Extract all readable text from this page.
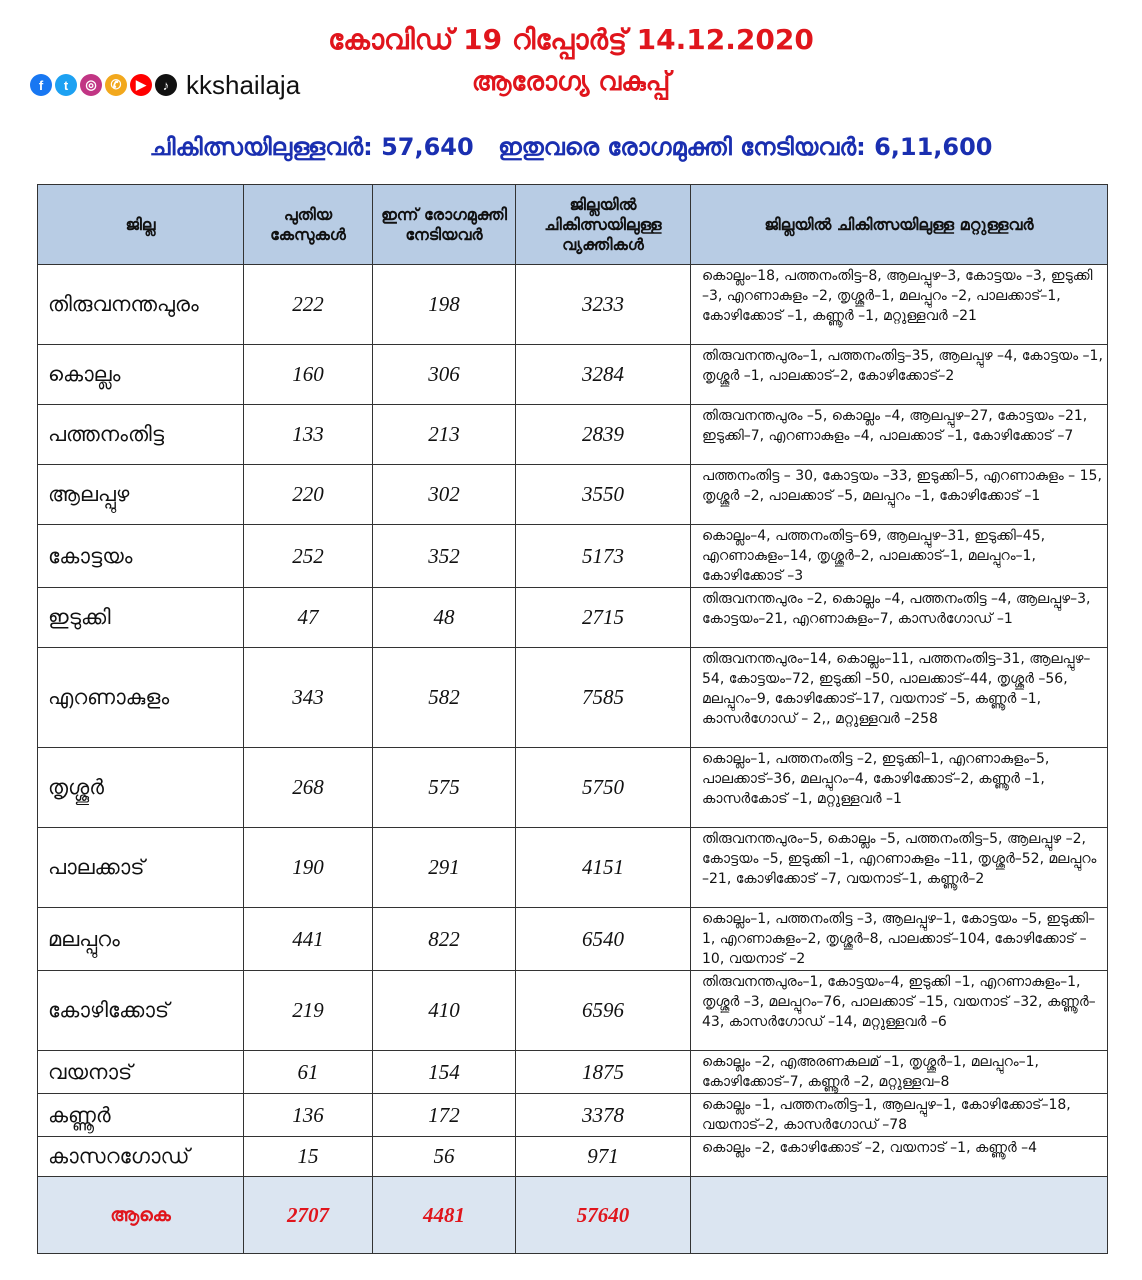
കോവിഡ് 19 റിപ്പോർട്ട് 14.12.2020
ആരോഗ്യ വകുപ്പ്
f	t	◎	✆	▶	♪ kkshailaja
ചികിത്സയിലുള്ളവർ: 57,640 ഇതുവരെ രോഗമുക്തി നേടിയവർ: 6,11,600
ജില്ല	പുതിയ കേസുകൾ	ഇന്ന് രോഗമുക്തി നേടിയവർ	ജില്ലയിൽ ചികിത്സയിലുള്ള വ്യക്തികൾ	ജില്ലയിൽ ചികിത്സയിലുള്ള മറ്റുള്ളവർ
തിരുവനന്തപുരം	222	198	3233	കൊല്ലം–18, പത്തനംതിട്ട–8, ആലപ്പുഴ–3, കോട്ടയം –3, ഇടുക്കി –3, എറണാകുളം –2, തൃശ്ശൂർ–1, മലപ്പുറം –2, പാലക്കാട്–1, കോഴിക്കോട് –1, കണ്ണൂർ –1, മറ്റുള്ളവർ –21
കൊല്ലം	160	306	3284	തിരുവനന്തപുരം–1, പത്തനംതിട്ട–35, ആലപ്പുഴ –4, കോട്ടയം –1, തൃശ്ശൂർ –1, പാലക്കാട്–2, കോഴിക്കോട്–2
പത്തനംതിട്ട	133	213	2839	തിരുവനന്തപുരം –5, കൊല്ലം –4, ആലപ്പുഴ–27, കോട്ടയം –21, ഇടുക്കി–7, എറണാകുളം –4, പാലക്കാട് –1, കോഴിക്കോട് –7
ആലപ്പുഴ	220	302	3550	പത്തനംതിട്ട – 30, കോട്ടയം –33, ഇടുക്കി–5, എറണാകുളം – 15, തൃശ്ശൂർ –2, പാലക്കാട് –5, മലപ്പുറം –1, കോഴിക്കോട് –1
കോട്ടയം	252	352	5173	കൊല്ലം–4, പത്തനംതിട്ട–69, ആലപ്പുഴ–31, ഇടുക്കി–45, എറണാകുളം–14, തൃശ്ശൂർ–2, പാലക്കാട്–1, മലപ്പുറം–1, കോഴിക്കോട് –3
ഇടുക്കി	47	48	2715	തിരുവനന്തപുരം –2, കൊല്ലം –4, പത്തനംതിട്ട –4, ആലപ്പുഴ–3, കോട്ടയം–21, എറണാകുളം–7, കാസർഗോഡ് –1
എറണാകുളം	343	582	7585	തിരുവനന്തപുരം–14, കൊല്ലം–11, പത്തനംതിട്ട–31, ആലപ്പുഴ–54, കോട്ടയം–72, ഇടുക്കി –50, പാലക്കാട്–44, തൃശ്ശൂർ –56, മലപ്പുറം–9, കോഴിക്കോട്–17, വയനാട് –5, കണ്ണൂർ –1, കാസർഗോഡ് – 2,, മറ്റുള്ളവർ –258
തൃശ്ശൂർ	268	575	5750	കൊല്ലം–1, പത്തനംതിട്ട –2, ഇടുക്കി–1, എറണാകുളം–5, പാലക്കാട്–36, മലപ്പുറം–4, കോഴിക്കോട്–2, കണ്ണൂർ –1, കാസർകോട് –1, മറ്റുള്ളവർ –1
പാലക്കാട്	190	291	4151	തിരുവനന്തപുരം–5, കൊല്ലം –5, പത്തനംതിട്ട–5, ആലപ്പുഴ –2, കോട്ടയം –5, ഇടുക്കി –1, എറണാകുളം –11, തൃശ്ശൂർ–52, മലപ്പുറം –21, കോഴിക്കോട് –7, വയനാട്–1, കണ്ണൂർ–2
മലപ്പുറം	441	822	6540	കൊല്ലം–1, പത്തനംതിട്ട –3, ആലപ്പുഴ–1, കോട്ടയം –5, ഇടുക്കി–1, എറണാകുളം–2, തൃശ്ശൂർ–8, പാലക്കാട്–104, കോഴിക്കോട് –10, വയനാട് –2
കോഴിക്കോട്	219	410	6596	തിരുവനന്തപുരം–1, കോട്ടയം–4, ഇടുക്കി –1, എറണാകുളം–1, തൃശ്ശൂർ –3, മലപ്പുറം–76, പാലക്കാട് –15, വയനാട് –32, കണ്ണൂർ–43, കാസർഗോഡ് –14, മറ്റുള്ളവർ –6
വയനാട്	61	154	1875	കൊല്ലം –2, എഅരണകലമ് –1, തൃശ്ശൂർ–1, മലപ്പുറം–1, കോഴിക്കോട്–7, കണ്ണൂർ –2, മറ്റുള്ളവ–8
കണ്ണൂർ	136	172	3378	കൊല്ലം –1, പത്തനംതിട്ട–1, ആലപ്പുഴ–1, കോഴിക്കോട്–18, വയനാട്–2, കാസർഗോഡ് –78
കാസറഗോഡ്	15	56	971	കൊല്ലം –2, കോഴിക്കോട് –2, വയനാട് –1, കണ്ണൂർ –4
ആകെ	2707	4481	57640	
